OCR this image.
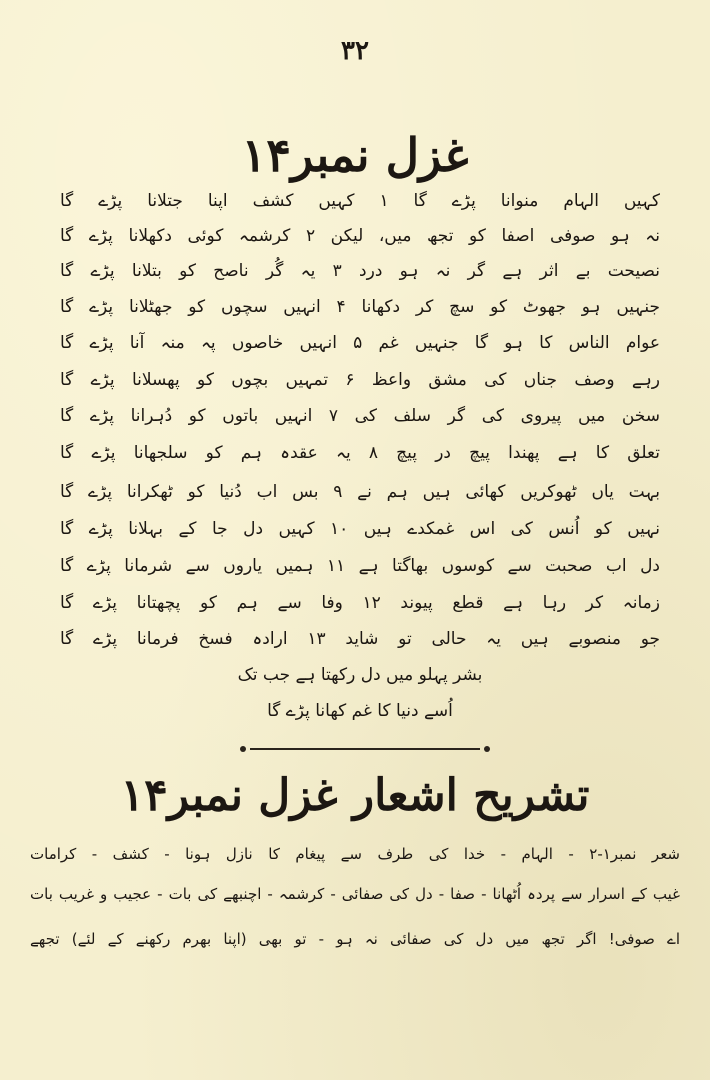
۳۲
غزل نمبر۱۴
کہیں الہام منوانا پڑے گا ۱ کہیں کشف اپنا جتلانا پڑے گا
نہ ہو صوفی اصفا کو تجھ میں، لیکن ۲ کرشمہ کوئی دکھلانا پڑے گا
نصیحت بے اثر ہے گر نہ ہو درد ۳ یہ گُر ناصح کو بتلانا پڑے گا
جنہیں ہو جھوٹ کو سچ کر دکھانا ۴ انہیں سچوں کو جھٹلانا پڑے گا
عوام الناس کا ہو گا جنہیں غم ۵ انہیں خاصوں پہ منہ آنا پڑے گا
رہے وصف جناں کی مشق واعظ ۶ تمہیں بچوں کو پھسلانا پڑے گا
سخن میں پیروی کی گر سلف کی ۷ انہیں باتوں کو دُہرانا پڑے گا
تعلق کا ہے پھندا پیچ در پیچ ۸ یہ عقدہ ہم کو سلجھانا پڑے گا
بہت یاں ٹھوکریں کھائی ہیں ہم نے ۹ بس اب دُنیا کو ٹھکرانا پڑے گا
نہیں کو اُنس کی اس غمکدے ہیں ۱۰ کہیں دل جا کے بہلانا پڑے گا
دل اب صحبت سے کوسوں بھاگتا ہے ۱۱ ہمیں یاروں سے شرمانا پڑے گا
زمانہ کر رہا ہے قطع پیوند ۱۲ وفا سے ہم کو پچھتانا پڑے گا
جو منصوبے ہیں یہ حالی تو شاید ۱۳ ارادہ فسخ فرمانا پڑے گا
بشر پہلو میں دل رکھتا ہے جب تک
اُسے دنیا کا غم کھانا پڑے گا
تشریح اشعار غزل نمبر۱۴
شعر نمبر۱-۲ - الہام - خدا کی طرف سے پیغام کا نازل ہونا - کشف - کرامات
غیب کے اسرار سے پردہ اُٹھانا - صفا - دل کی صفائی - کرشمہ - اچنبھے کی بات - عجیب و غریب بات
اے صوفی! اگر تجھ میں دل کی صفائی نہ ہو - تو بھی (اپنا بھرم رکھنے کے لئے) تجھے
